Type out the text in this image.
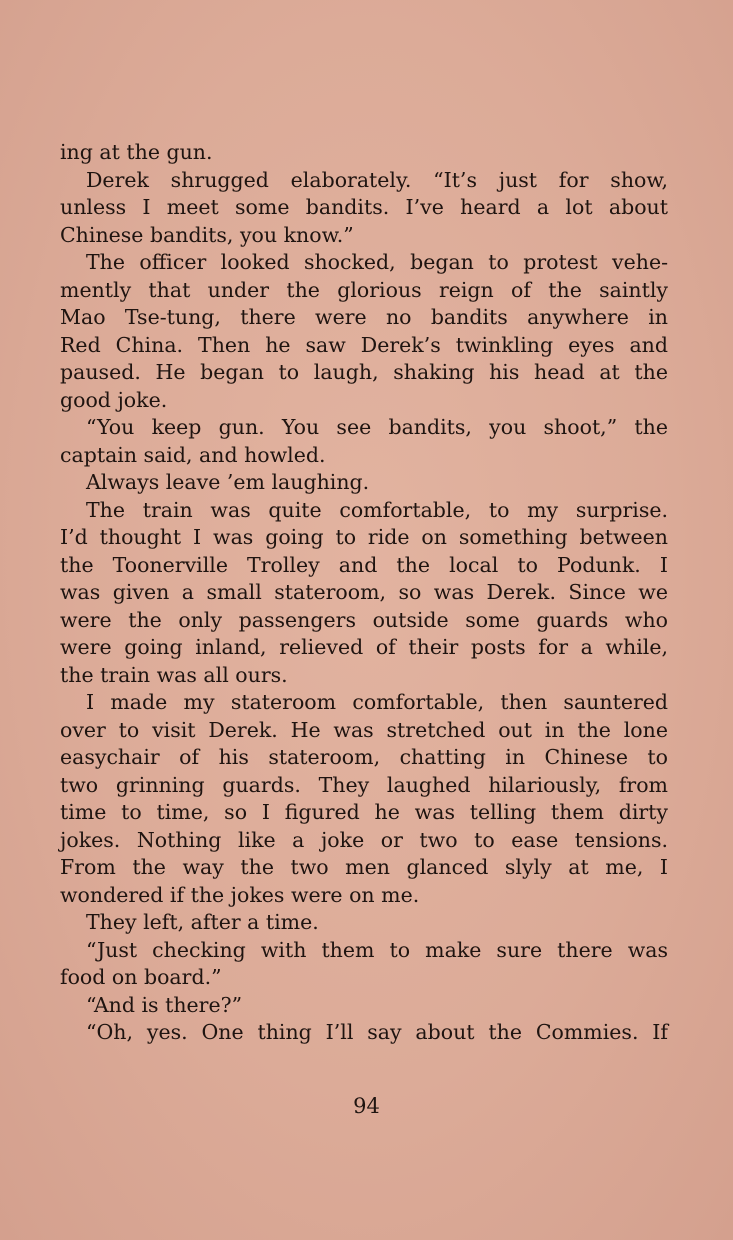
ing at the gun.
Derek shrugged elaborately. “It’s just for show,
unless I meet some bandits. I’ve heard a lot about
Chinese bandits, you know.”
The officer looked shocked, began to protest vehe-
mently that under the glorious reign of the saintly
Mao Tse-tung, there were no bandits anywhere in
Red China. Then he saw Derek’s twinkling eyes and
paused. He began to laugh, shaking his head at the
good joke.
“You keep gun. You see bandits, you shoot,” the
captain said, and howled.
Always leave ’em laughing.
The train was quite comfortable, to my surprise.
I’d thought I was going to ride on something between
the Toonerville Trolley and the local to Podunk. I
was given a small stateroom, so was Derek. Since we
were the only passengers outside some guards who
were going inland, relieved of their posts for a while,
the train was all ours.
I made my stateroom comfortable, then sauntered
over to visit Derek. He was stretched out in the lone
easychair of his stateroom, chatting in Chinese to
two grinning guards. They laughed hilariously, from
time to time, so I figured he was telling them dirty
jokes. Nothing like a joke or two to ease tensions.
From the way the two men glanced slyly at me, I
wondered if the jokes were on me.
They left, after a time.
“Just checking with them to make sure there was
food on board.”
“And is there?”
“Oh, yes. One thing I’ll say about the Commies. If
94
